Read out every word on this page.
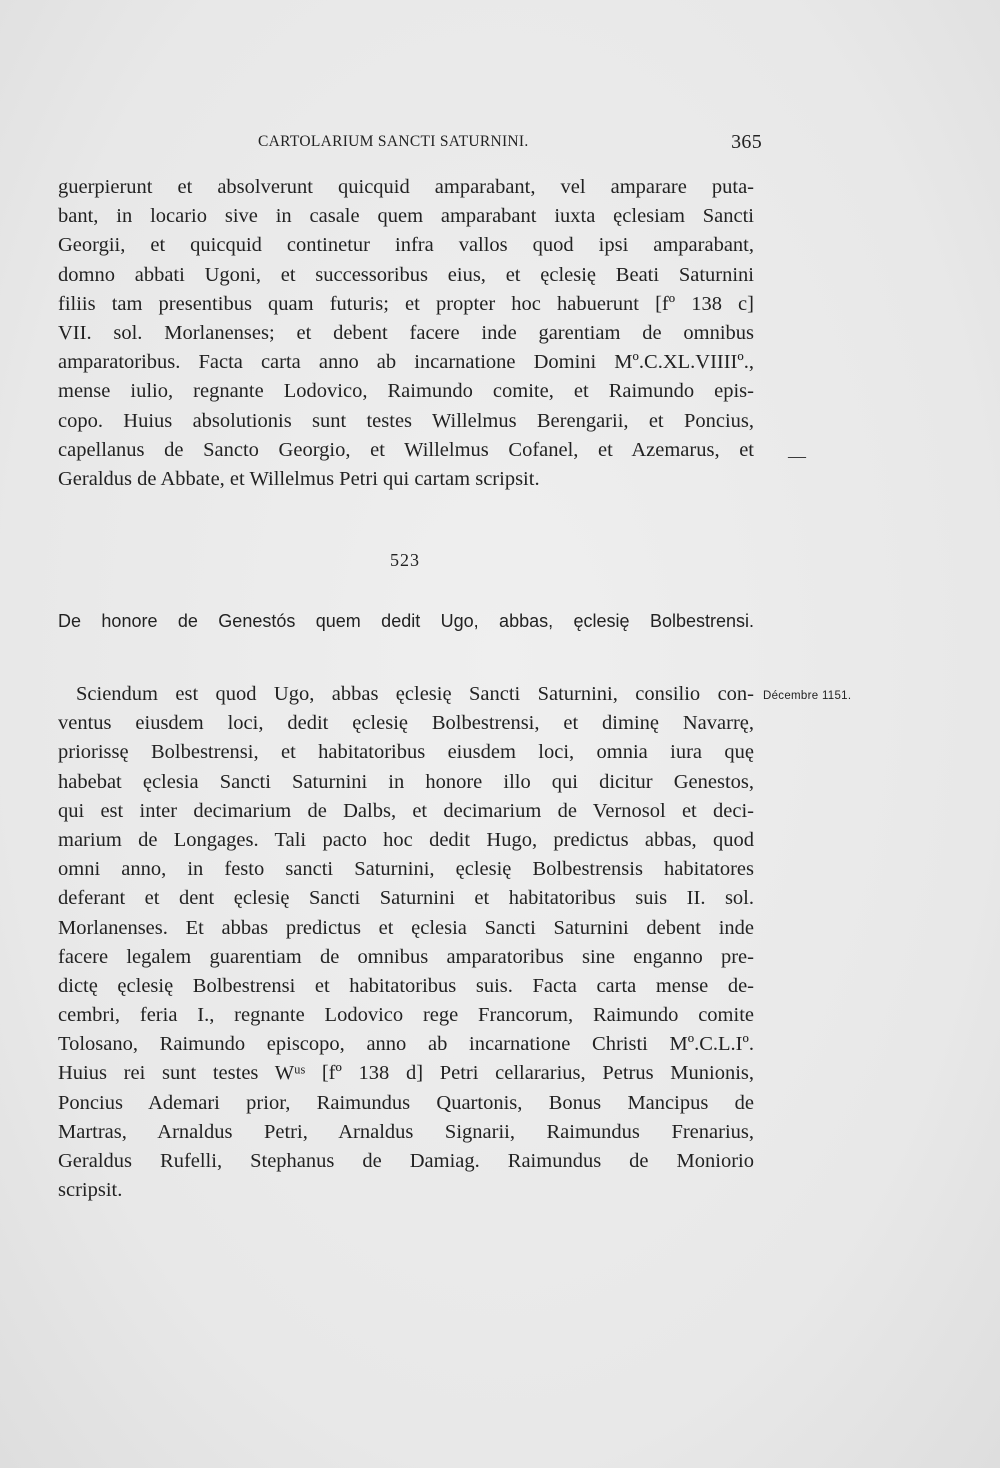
CARTOLARIUM SANCTI SATURNINI.	365
guerpierunt et absolverunt quicquid amparabant, vel amparare puta-
bant, in locario sive in casale quem amparabant iuxta ęclesiam Sancti
Georgii, et quicquid continetur infra vallos quod ipsi amparabant,
domno abbati Ugoni, et successoribus eius, et ęclesię Beati Saturnini
filiis tam presentibus quam futuris; et propter hoc habuerunt [fº 138 c]
VII. sol. Morlanenses; et debent facere inde garentiam de omnibus
amparatoribus. Facta carta anno ab incarnatione Domini Mº.C.XL.VIIIIº.,
mense iulio, regnante Lodovico, Raimundo comite, et Raimundo epis-
copo. Huius absolutionis sunt testes Willelmus Berengarii, et Poncius,
capellanus de Sancto Georgio, et Willelmus Cofanel, et Azemarus, et
Geraldus de Abbate, et Willelmus Petri qui cartam scripsit.
—
523
De honore de Genestós quem dedit Ugo, abbas, ęclesię Bolbestrensi.
Décembre 1151.
Sciendum est quod Ugo, abbas ęclesię Sancti Saturnini, consilio con-
ventus eiusdem loci, dedit ęclesię Bolbestrensi, et diminę Navarrę,
priorissę Bolbestrensi, et habitatoribus eiusdem loci, omnia iura quę
habebat ęclesia Sancti Saturnini in honore illo qui dicitur Genestos,
qui est inter decimarium de Dalbs, et decimarium de Vernosol et deci-
marium de Longages. Tali pacto hoc dedit Hugo, predictus abbas, quod
omni anno, in festo sancti Saturnini, ęclesię Bolbestrensis habitatores
deferant et dent ęclesię Sancti Saturnini et habitatoribus suis II. sol.
Morlanenses. Et abbas predictus et ęclesia Sancti Saturnini debent inde
facere legalem guarentiam de omnibus amparatoribus sine enganno pre-
dictę ęclesię Bolbestrensi et habitatoribus suis. Facta carta mense de-
cembri, feria I., regnante Lodovico rege Francorum, Raimundo comite
Tolosano, Raimundo episcopo, anno ab incarnatione Christi Mº.C.L.Iº.
Huius rei sunt testes Wᵘˢ [fº 138 d] Petri cellararius, Petrus Munionis,
Poncius Ademari prior, Raimundus Quartonis, Bonus Mancipus de
Martras, Arnaldus Petri, Arnaldus Signarii, Raimundus Frenarius,
Geraldus Rufelli, Stephanus de Damiag. Raimundus de Moniorio
scripsit.
